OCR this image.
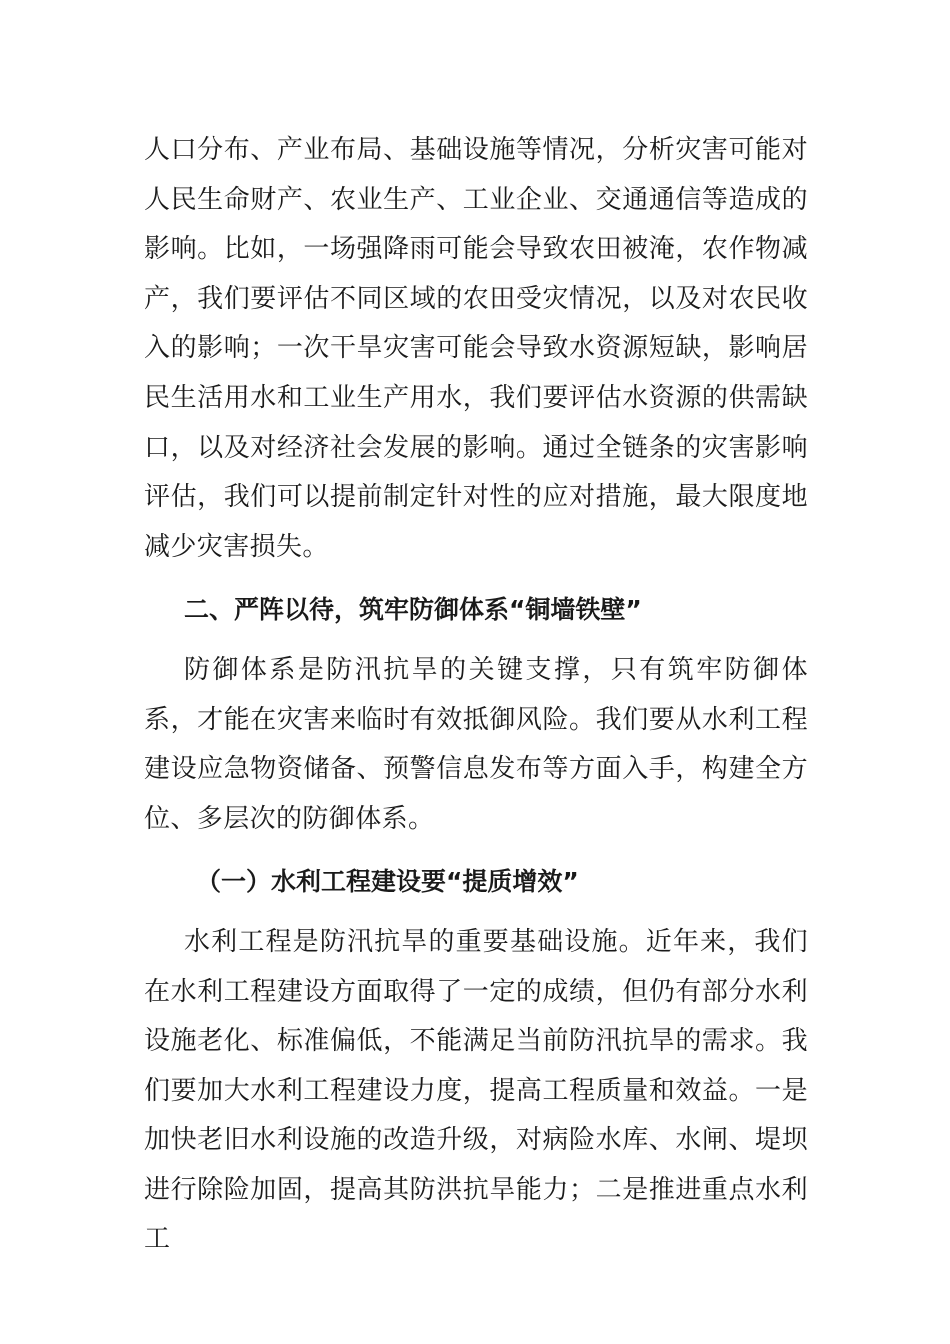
人口分布、产业布局、基础设施等情况，分析灾害可能对人民生命财产、农业生产、工业企业、交通通信等造成的影响。比如，一场强降雨可能会导致农田被淹，农作物减产，我们要评估不同区域的农田受灾情况，以及对农民收入的影响；一次干旱灾害可能会导致水资源短缺，影响居民生活用水和工业生产用水，我们要评估水资源的供需缺口，以及对经济社会发展的影响。通过全链条的灾害影响评估，我们可以提前制定针对性的应对措施，最大限度地减少灾害损失。

二、严阵以待，筑牢防御体系“铜墙铁壁”

防御体系是防汛抗旱的关键支撑，只有筑牢防御体系，才能在灾害来临时有效抵御风险。我们要从水利工程建设应急物资储备、预警信息发布等方面入手，构建全方位、多层次的防御体系。

（一）水利工程建设要“提质增效”

水利工程是防汛抗旱的重要基础设施。近年来，我们在水利工程建设方面取得了一定的成绩，但仍有部分水利设施老化、标准偏低，不能满足当前防汛抗旱的需求。我们要加大水利工程建设力度，提高工程质量和效益。一是加快老旧水利设施的改造升级，对病险水库、水闸、堤坝进行除险加固，提高其防洪抗旱能力；二是推进重点水利工
